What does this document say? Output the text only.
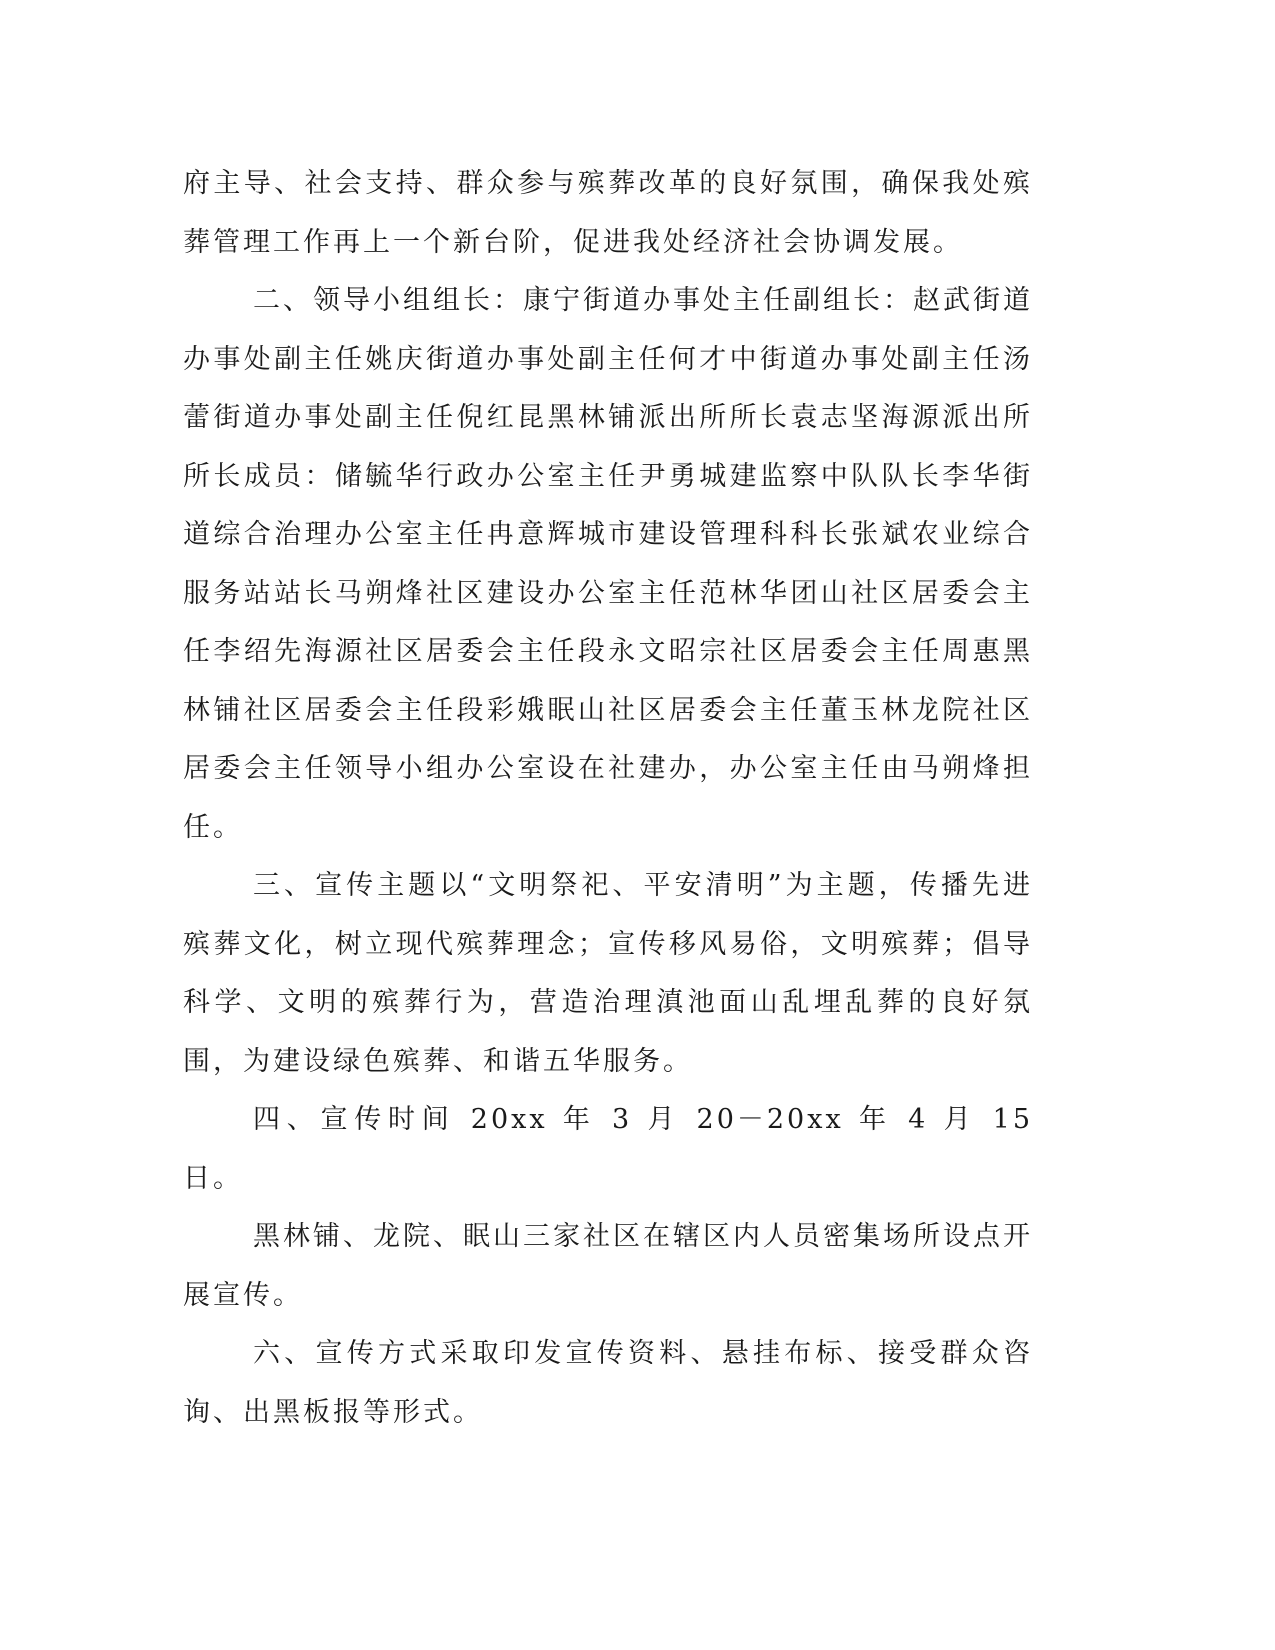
府主导、社会支持、群众参与殡葬改革的良好氛围，确保我处殡葬管理工作再上一个新台阶，促进我处经济社会协调发展。

二、领导小组组长：康宁街道办事处主任副组长：赵武街道办事处副主任姚庆街道办事处副主任何才中街道办事处副主任汤蕾街道办事处副主任倪红昆黑林铺派出所所长袁志坚海源派出所所长成员：储毓华行政办公室主任尹勇城建监察中队队长李华街道综合治理办公室主任冉意辉城市建设管理科科长张斌农业综合服务站站长马朔烽社区建设办公室主任范林华团山社区居委会主任李绍先海源社区居委会主任段永文昭宗社区居委会主任周惠黑林铺社区居委会主任段彩娥眠山社区居委会主任董玉林龙院社区居委会主任领导小组办公室设在社建办，办公室主任由马朔烽担任。

三、宣传主题以“文明祭祀、平安清明”为主题，传播先进殡葬文化，树立现代殡葬理念；宣传移风易俗，文明殡葬；倡导科学、文明的殡葬行为，营造治理滇池面山乱埋乱葬的良好氛围，为建设绿色殡葬、和谐五华服务。

四、宣传时间 20xx 年 3 月 20－20xx 年 4 月 15 日。

黑林铺、龙院、眠山三家社区在辖区内人员密集场所设点开展宣传。

六、宣传方式采取印发宣传资料、悬挂布标、接受群众咨询、出黑板报等形式。
